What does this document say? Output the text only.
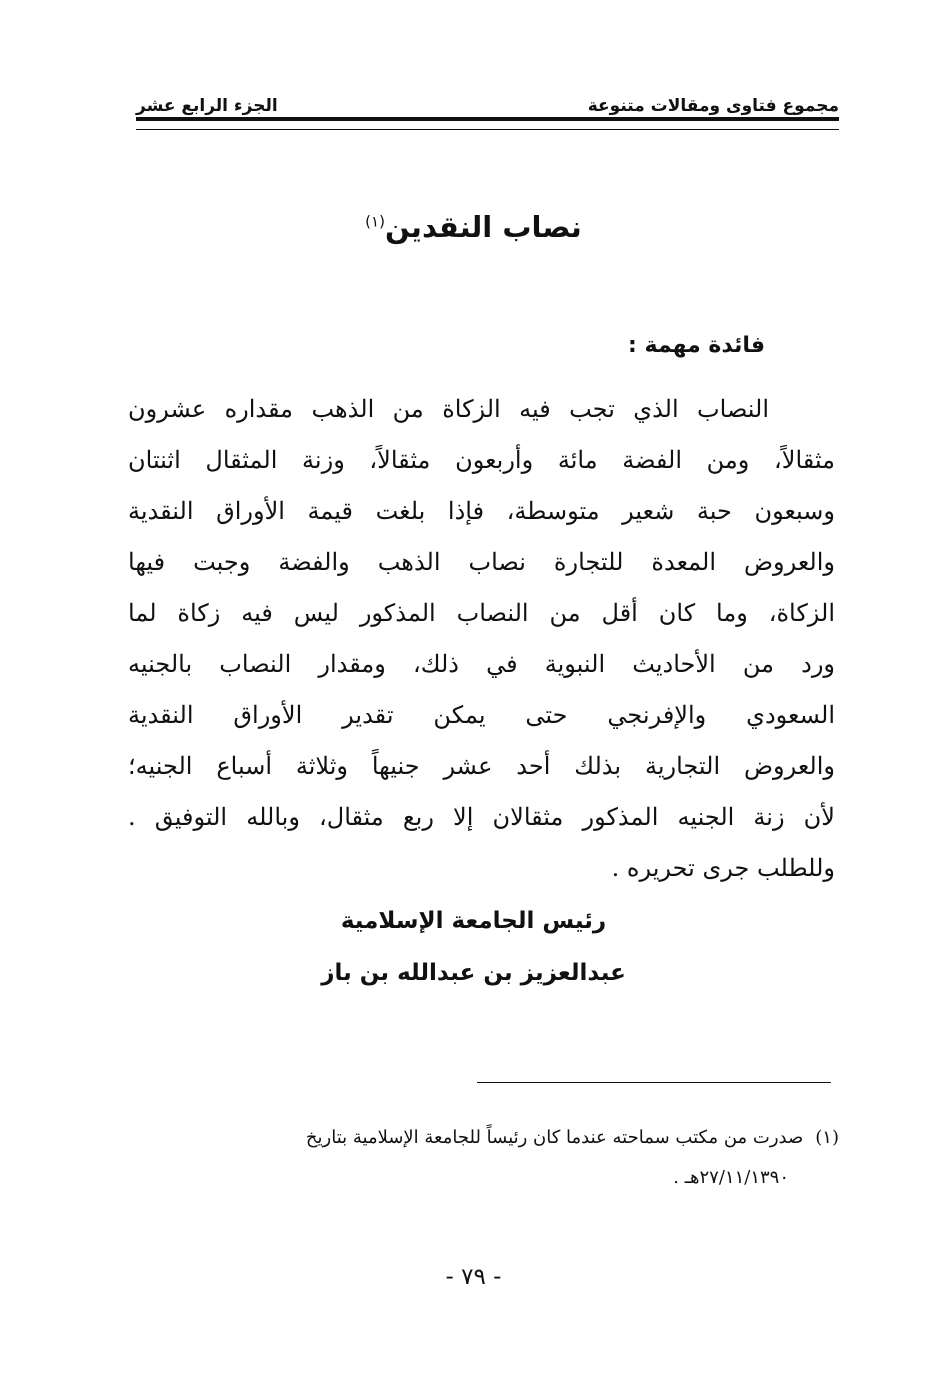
مجموع فتاوى ومقالات متنوعة
الجزء الرابع عشر
نصاب النقدين$^{(١)}$
فائدة مهمة :
النصاب الذي تجب فيه الزكاة من الذهب مقداره عشرون
مثقالاً، ومن الفضة مائة وأربعون مثقالاً، وزنة المثقال اثنتان
وسبعون حبة شعير متوسطة، فإذا بلغت قيمة الأوراق النقدية
والعروض المعدة للتجارة نصاب الذهب والفضة وجبت فيها
الزكاة، وما كان أقل من النصاب المذكور ليس فيه زكاة لما
ورد من الأحاديث النبوية في ذلك، ومقدار النصاب بالجنيه
السعودي والإفرنجي حتى يمكن تقدير الأوراق النقدية
والعروض التجارية بذلك أحد عشر جنيهاً وثلاثة أسباع الجنيه؛
لأن زنة الجنيه المذكور مثقالان إلا ربع مثقال، وبالله التوفيق .
وللطلب جرى تحريره .
رئيس الجامعة الإسلامية
عبدالعزيز بن عبدالله بن باز
(١)صدرت من مكتب سماحته عندما كان رئيساً للجامعة الإسلامية بتاريخ
٢٧/١١/١٣٩٠هـ .
- ٧٩ -
